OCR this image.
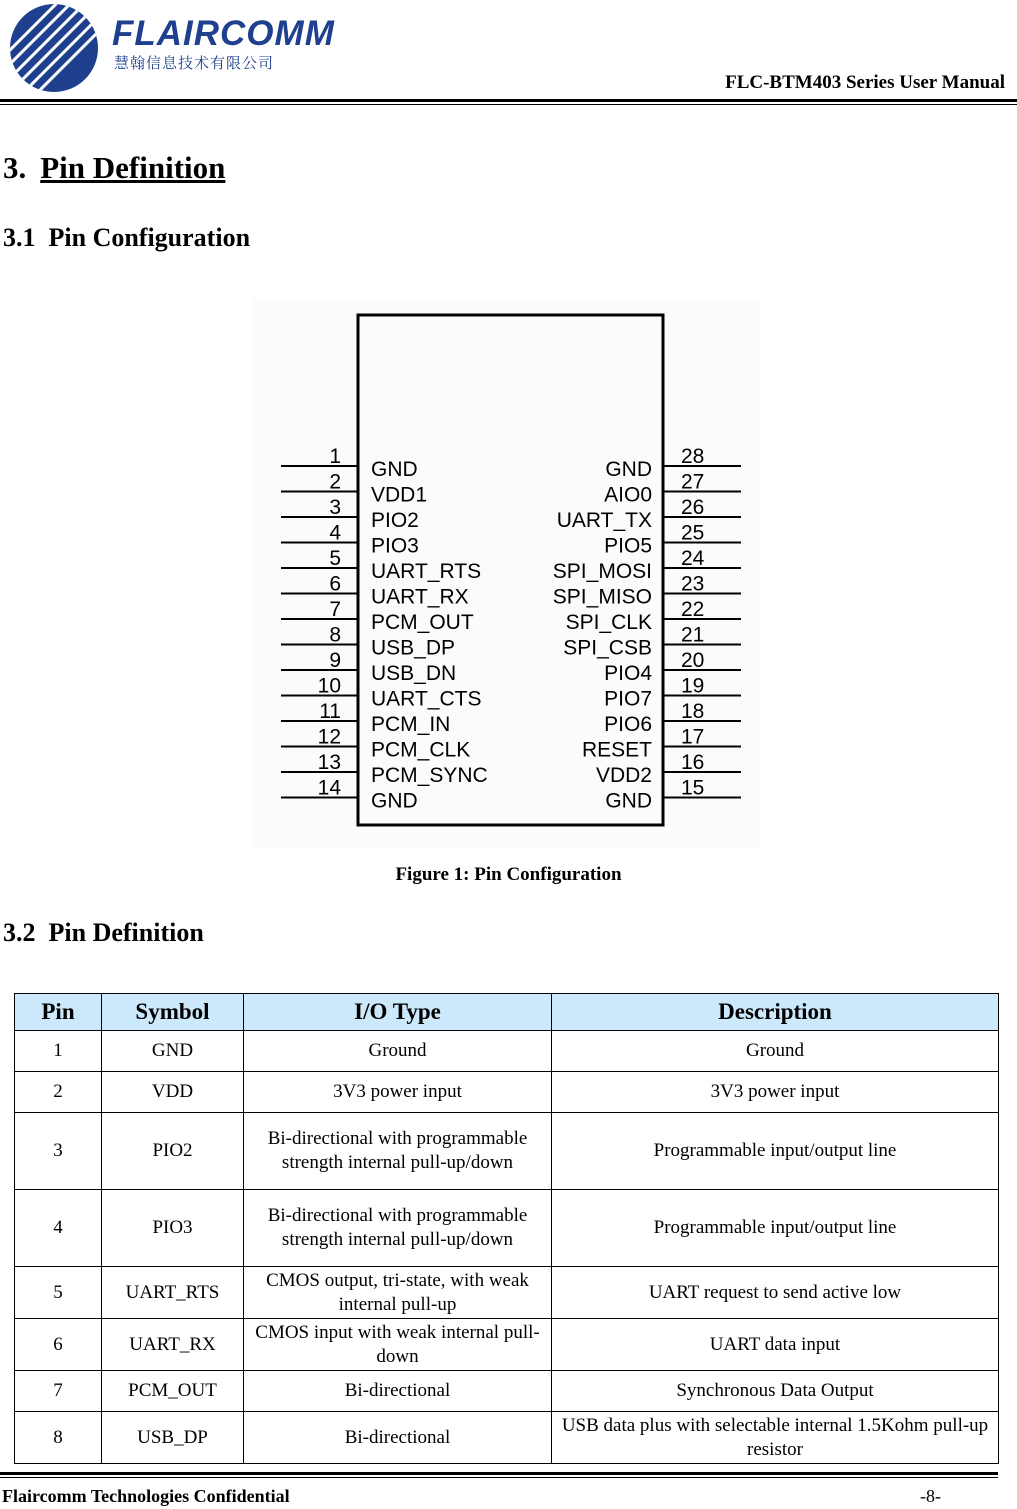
FLAIRCOMM
慧翰信息技术有限公司
FLC-BTM403 Series User Manual
3. Pin Definition
3.1 Pin Configuration
1
GND
2
VDD1
3
PIO2
4
PIO3
5
UART_RTS
6
UART_RX
7
PCM_OUT
8
USB_DP
9
USB_DN
10
UART_CTS
11
PCM_IN
12
PCM_CLK
13
PCM_SYNC
14
GND
28
GND
27
AIO0
26
UART_TX
25
PIO5
24
SPI_MOSI
23
SPI_MISO
22
SPI_CLK
21
SPI_CSB
20
PIO4
19
PIO7
18
PIO6
17
RESET
16
VDD2
15
GND
Figure 1: Pin Configuration
3.2 Pin Definition
Pin	Symbol	I/O Type	Description
1	GND	Ground	Ground
2	VDD	3V3 power input	3V3 power input
3	PIO2	Bi-directional with programmable strength internal pull-up/down	Programmable input/output line
4	PIO3	Bi-directional with programmable strength internal pull-up/down	Programmable input/output line
5	UART_RTS	CMOS output, tri-state, with weak internal pull-up	UART request to send active low
6	UART_RX	CMOS input with weak internal pull-down	UART data input
7	PCM_OUT	Bi-directional	Synchronous Data Output
8	USB_DP	Bi-directional	USB data plus with selectable internal 1.5Kohm pull-up resistor
Flaircomm Technologies Confidential	-8-
